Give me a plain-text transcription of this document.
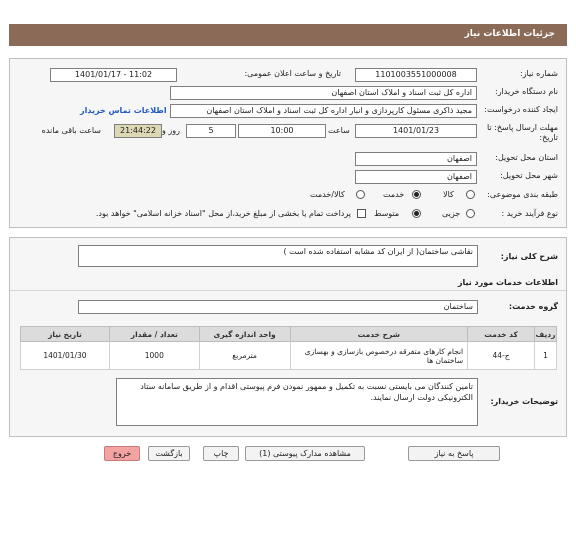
جزئیات اطلاعات نیاز
شماره نیاز:
1101003551000008
تاریخ و ساعت اعلان عمومی:
1401/01/17 - 11:02
نام دستگاه خریدار:
اداره کل ثبت اسناد و املاک استان اصفهان
ایجاد کننده درخواست:
مجید ذاکری مسئول کارپردازی و انبار اداره کل ثبت اسناد و املاک استان اصفهان
اطلاعات تماس خریدار
مهلت ارسال پاسخ: تا
تاریخ:
1401/01/23
ساعت
10:00
5
روز و
21:44:22
ساعت باقی مانده
استان محل تحویل:
اصفهان
شهر محل تحویل:
اصفهان
طبقه بندی موضوعی:
کالا
خدمت
کالا/خدمت
نوع فرآیند خرید :
جزیی
متوسط
پرداخت تمام یا بخشی از مبلغ خرید،از محل "اسناد خزانه اسلامی" خواهد بود.
شرح کلی نیاز:
نقاشی ساختمان( از ایران کد مشابه استفاده شده است )
اطلاعات خدمات مورد نیاز
گروه خدمت:
ساختمان
ردیف	کد خدمت	شرح خدمت	واحد اندازه گیری	تعداد / مقدار	تاریخ نیاز
1	ج-44	انجام کارهای متفرقه درخصوص بازسازی و بهسازی ساختمان ها	مترمربع	1000	1401/01/30
توضیحات خریدار:
تامین کنندگان می بایستی نسبت به تکمیل و ممهور نمودن فرم پیوستی اقدام و از طریق سامانه ستاد الکترونیکی دولت ارسال نمایند.
پاسخ به نیاز
مشاهده مدارک پیوستی (1)
چاپ
بازگشت
خروج
